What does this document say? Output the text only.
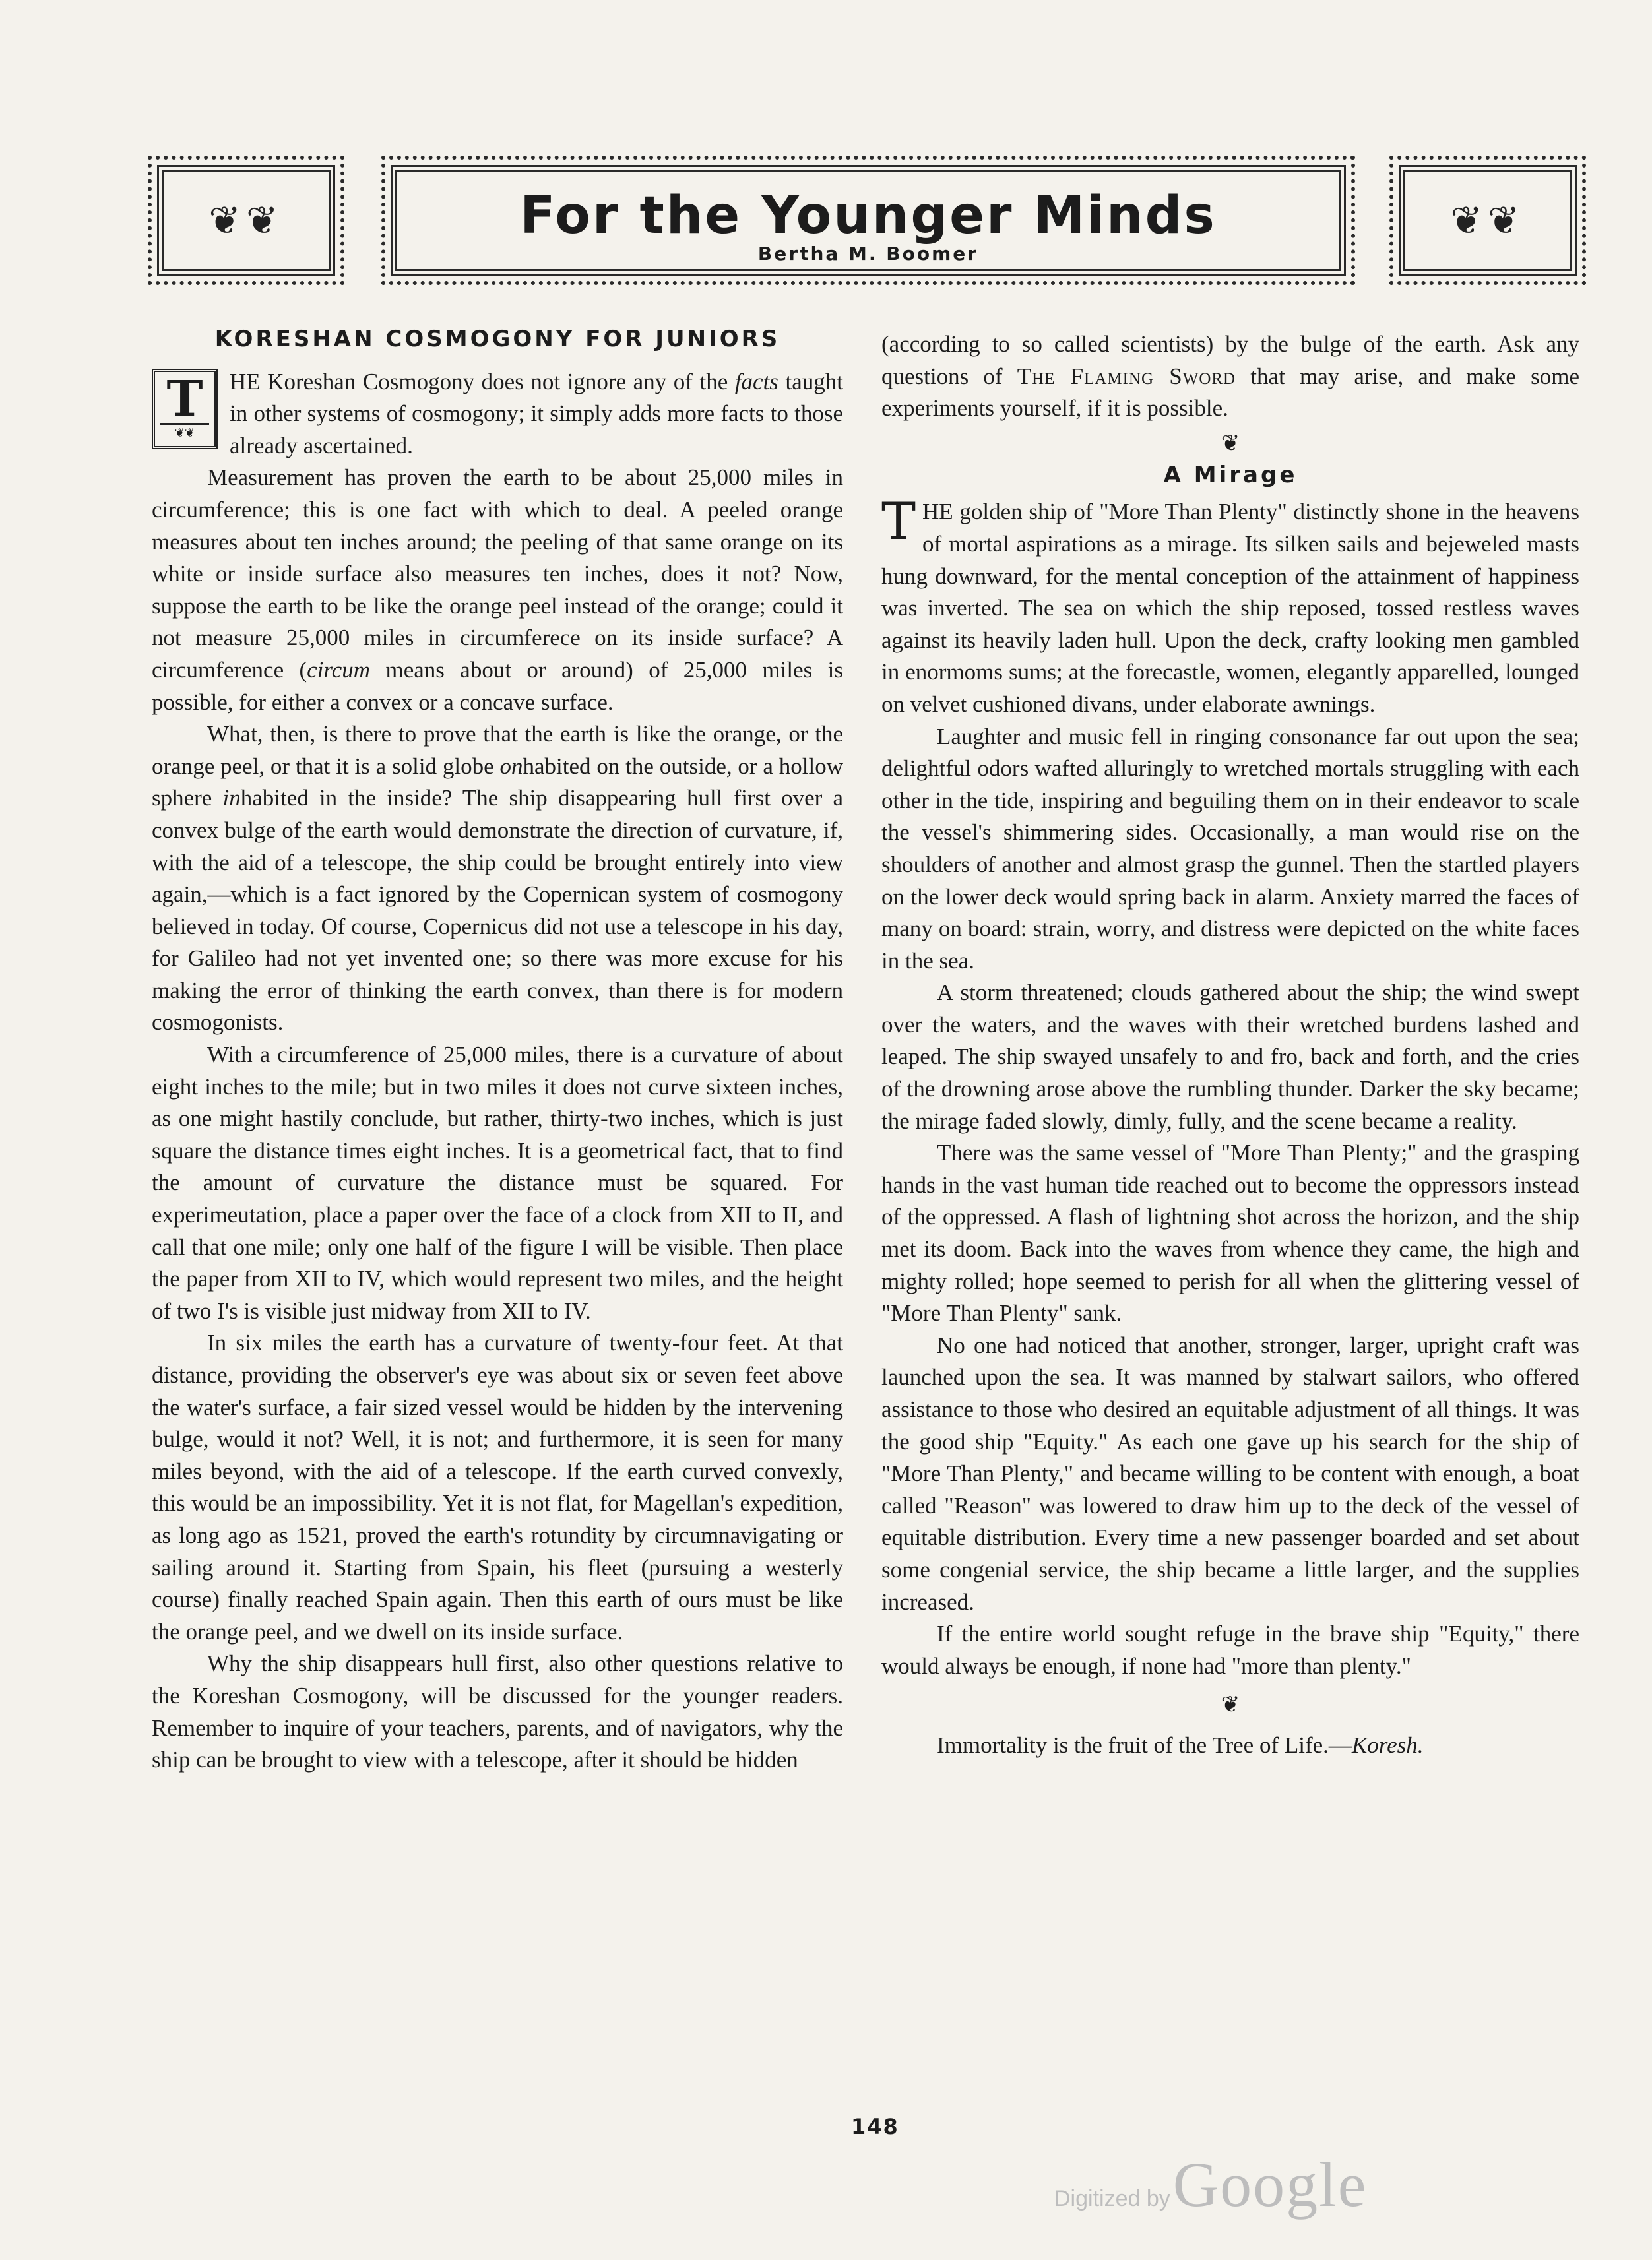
❦❦	For the Younger Minds
Bertha M. Boomer
❦❦
KORESHAN COSMOGONY FOR JUNIORS

T
❦❦
HE Koreshan Cosmogony does not ignore any of the facts taught in other systems of cosmogony; it simply adds more facts to those already ascertained.

Measurement has proven the earth to be about 25,000 miles in circumference; this is one fact with which to deal. A peeled orange measures about ten inches around; the peeling of that same orange on its white or inside surface also measures ten inches, does it not? Now, suppose the earth to be like the orange peel instead of the orange; could it not measure 25,000 miles in circumferece on its inside surface? A circumference (circum means about or around) of 25,000 miles is possible, for either a convex or a concave surface.

What, then, is there to prove that the earth is like the orange, or the orange peel, or that it is a solid globe onhabited on the outside, or a hollow sphere inhabited in the inside? The ship disappearing hull first over a convex bulge of the earth would demonstrate the direction of curvature, if, with the aid of a telescope, the ship could be brought entirely into view again,—which is a fact ignored by the Copernican system of cosmogony believed in today. Of course, Copernicus did not use a telescope in his day, for Galileo had not yet invented one; so there was more excuse for his making the error of thinking the earth convex, than there is for modern cosmogonists.

With a circumference of 25,000 miles, there is a curvature of about eight inches to the mile; but in two miles it does not curve sixteen inches, as one might hastily conclude, but rather, thirty-two inches, which is just square the distance times eight inches. It is a geometrical fact, that to find the amount of curvature the distance must be squared. For experimeutation, place a paper over the face of a clock from XII to II, and call that one mile; only one half of the figure I will be visible. Then place the paper from XII to IV, which would represent two miles, and the height of two I's is visible just midway from XII to IV.

In six miles the earth has a curvature of twenty-four feet. At that distance, providing the observer's eye was about six or seven feet above the water's surface, a fair sized vessel would be hidden by the intervening bulge, would it not? Well, it is not; and furthermore, it is seen for many miles beyond, with the aid of a telescope. If the earth curved convexly, this would be an impossibility. Yet it is not flat, for Magellan's expedition, as long ago as 1521, proved the earth's rotundity by circumnavigating or sailing around it. Starting from Spain, his fleet (pursuing a westerly course) finally reached Spain again. Then this earth of ours must be like the orange peel, and we dwell on its inside surface.

Why the ship disappears hull first, also other questions relative to the Koreshan Cosmogony, will be discussed for the younger readers. Remember to inquire of your teachers, parents, and of navigators, why the ship can be brought to view with a telescope, after it should be hidden

(according to so called scientists) by the bulge of the earth. Ask any questions of The Flaming Sword that may arise, and make some experiments yourself, if it is possible.

❦
A Mirage

THE golden ship of "More Than Plenty" distinctly shone in the heavens of mortal aspirations as a mirage. Its silken sails and bejeweled masts hung downward, for the mental conception of the attainment of happiness was inverted. The sea on which the ship reposed, tossed restless waves against its heavily laden hull. Upon the deck, crafty looking men gambled in enormoms sums; at the forecastle, women, elegantly apparelled, lounged on velvet cushioned divans, under elaborate awnings.

Laughter and music fell in ringing consonance far out upon the sea; delightful odors wafted alluringly to wretched mortals struggling with each other in the tide, inspiring and beguiling them on in their endeavor to scale the vessel's shimmering sides. Occasionally, a man would rise on the shoulders of another and almost grasp the gunnel. Then the startled players on the lower deck would spring back in alarm. Anxiety marred the faces of many on board: strain, worry, and distress were depicted on the white faces in the sea.

A storm threatened; clouds gathered about the ship; the wind swept over the waters, and the waves with their wretched burdens lashed and leaped. The ship swayed unsafely to and fro, back and forth, and the cries of the drowning arose above the rumbling thunder. Darker the sky became; the mirage faded slowly, dimly, fully, and the scene became a reality.

There was the same vessel of "More Than Plenty;" and the grasping hands in the vast human tide reached out to become the oppressors instead of the oppressed. A flash of lightning shot across the horizon, and the ship met its doom. Back into the waves from whence they came, the high and mighty rolled; hope seemed to perish for all when the glittering vessel of "More Than Plenty" sank.

No one had noticed that another, stronger, larger, upright craft was launched upon the sea. It was manned by stalwart sailors, who offered assistance to those who desired an equitable adjustment of all things. It was the good ship "Equity." As each one gave up his search for the ship of "More Than Plenty," and became willing to be content with enough, a boat called "Reason" was lowered to draw him up to the deck of the vessel of equitable distribution. Every time a new passenger boarded and set about some congenial service, the ship became a little larger, and the supplies increased.

If the entire world sought refuge in the brave ship "Equity," there would always be enough, if none had "more than plenty."

❦

Immortality is the fruit of the Tree of Life.—Koresh.

148
Digitized by Google
